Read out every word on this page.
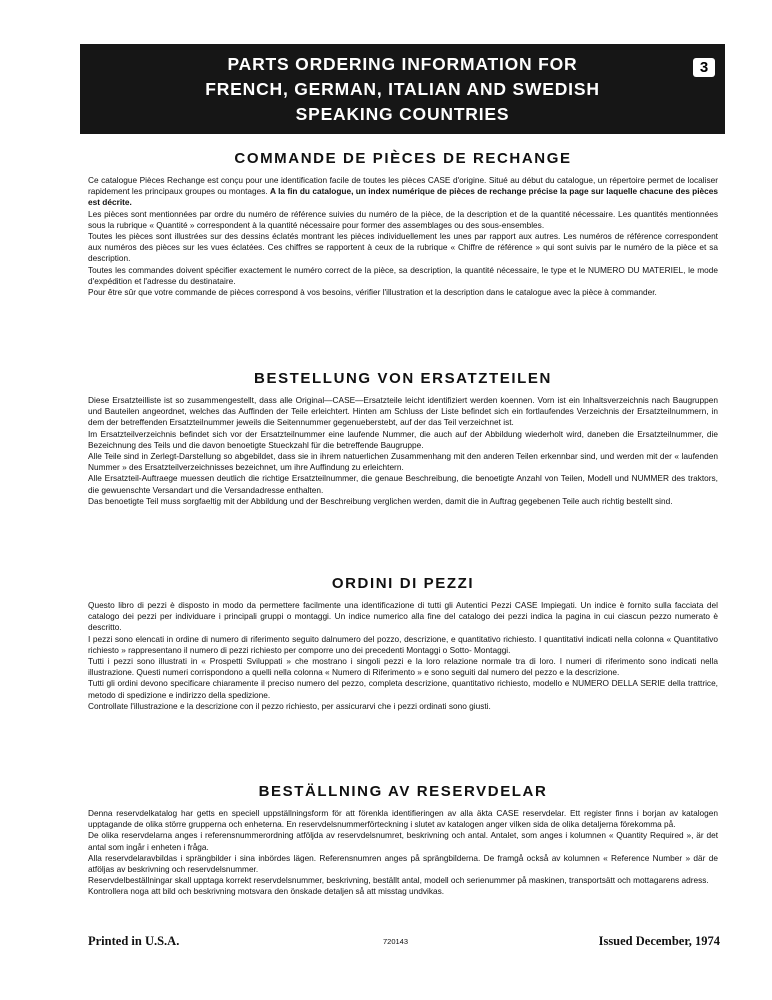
PARTS ORDERING INFORMATION FOR
FRENCH, GERMAN, ITALIAN AND SWEDISH
SPEAKING COUNTRIES
3
COMMANDE DE PIÈCES DE RECHANGE

Ce catalogue Pièces Rechange est conçu pour une identification facile de toutes les pièces CASE d'origine. Situé au début du catalogue, un répertoire permet de localiser rapidement les principaux groupes ou montages. A la fin du catalogue, un index numérique de pièces de rechange précise la page sur laquelle chacune des pièces est décrite.

Les pièces sont mentionnées par ordre du numéro de référence suivies du numéro de la pièce, de la description et de la quantité nécessaire. Les quantités mentionnées sous la rubrique « Quantité » correspondent à la quantité nécessaire pour former des assemblages ou des sous-ensembles.

Toutes les pièces sont illustrées sur des dessins éclatés montrant les pièces individuellement les unes par rapport aux autres. Les numéros de référence correspondent aux numéros des pièces sur les vues éclatées. Ces chiffres se rapportent à ceux de la rubrique « Chiffre de référence » qui sont suivis par le numéro de la pièce et sa description.

Toutes les commandes doivent spécifier exactement le numéro correct de la pièce, sa description, la quantité nécessaire, le type et le NUMERO DU MATERIEL, le mode d'expédition et l'adresse du destinataire.

Pour être sûr que votre commande de pièces correspond à vos besoins, vérifier l'illustration et la description dans le catalogue avec la pièce à commander.

BESTELLUNG VON ERSATZTEILEN

Diese Ersatzteilliste ist so zusammengestellt, dass alle Original—CASE—Ersatzteile leicht identifiziert werden koennen. Vorn ist ein Inhaltsverzeichnis nach Baugruppen und Bauteilen angeordnet, welches das Auffinden der Teile erleichtert. Hinten am Schluss der Liste befindet sich ein fortlaufendes Verzeichnis der Ersatzteilnummern, in dem der betreffenden Ersatzteilnummer jeweils die Seitennummer gegenueberstebt, auf der das Teil verzeichnet ist.

Im Ersatzteilverzeichnis befindet sich vor der Ersatzteilnummer eine laufende Nummer, die auch auf der Abbildung wiederholt wird, daneben die Ersatzteilnummer, die Bezeichnung des Teils und die davon benoetigte Stueckzahl für die betreffende Baugruppe.

Alle Teile sind in Zerlegt-Darstellung so abgebildet, dass sie in ihrem natuerlichen Zusammenhang mit den anderen Teilen erkennbar sind, und werden mit der « laufenden Nummer » des Ersatzteilverzeichnisses bezeichnet, um ihre Auffindung zu erleichtern.

Alle Ersatzteil-Auftraege muessen deutlich die richtige Ersatzteilnummer, die genaue Beschreibung, die benoetigte Anzahl von Teilen, Modell und NUMMER des traktors, die gewuenschte Versandart und die Versandadresse enthalten.

Das benoetigte Teil muss sorgfaeltig mit der Abbildung und der Beschreibung verglichen werden, damit die in Auftrag gegebenen Teile auch richtig bestellt sind.

ORDINI DI PEZZI

Questo libro di pezzi è disposto in modo da permettere facilmente una identificazione di tutti gli Autentici Pezzi CASE Impiegati. Un indice è fornito sulla facciata del catalogo dei pezzi per individuare i principali gruppi o montaggi. Un indice numerico alla fine del catalogo dei pezzi indica la pagina in cui ciascun pezzo numerato è descritto.

I pezzi sono elencati in ordine di numero di riferimento seguito dalnumero del pozzo, descrizione, e quantitativo richiesto. I quantitativi indicati nella colonna « Quantitativo richiesto » rappresentano il numero di pezzi richiesto per comporre uno dei precedenti Montaggi o Sotto- Montaggi.

Tutti i pezzi sono illustrati in « Prospetti Sviluppati » che mostrano i singoli pezzi e la loro relazione normale tra di loro. I numeri di riferimento sono indicati nella illustrazione. Questi numeri corrispondono a quelli nella colonna « Numero di Riferimento » e sono seguiti dal numero del pezzo e la descrizione.

Tutti gli ordini devono specificare chiaramente il preciso numero del pezzo, completa descrizione, quantitativo richiesto, modello e NUMERO DELLA SERIE della trattrice, metodo di spedizione e indirizzo della spedizione.

Controllate l'illustrazione e la descrizione con il pezzo richiesto, per assicurarvi che i pezzi ordinati sono giusti.

BESTÄLLNING AV RESERVDELAR

Denna reservdelkatalog har getts en speciell uppställningsform för att förenkla identifieringen av alla äkta CASE reservdelar. Ett register finns i borjan av katalogen upptagande de olika större grupperna och enheterna. En reservdelsnummerförteckning i slutet av katalogen anger vilken sida de olika detaljerna förekomma på.

De olika reservdelarna anges i referensnummerordning atföljda av reservdelsnumret, beskrivning och antal. Antalet, som anges i kolumnen « Quantity Required », är det antal som ingår i enheten i fråga.

Alla reservdelaravbildas i sprängbilder i sina inbördes lägen. Referensnumren anges på sprängbilderna. De framgå också av kolumnen « Reference Number » där de atföljas av beskrivning och reservdelsnummer.

Reservdelbeställningar skall upptaga korrekt reservdelsnummer, beskrivning, beställt antal, modell och serienummer på maskinen, transportsätt och mottagarens adress.

Kontrollera noga att bild och beskrivning motsvara den önskade detaljen så att misstag undvikas.

Printed in U.S.A.	720143	Issued December, 1974
